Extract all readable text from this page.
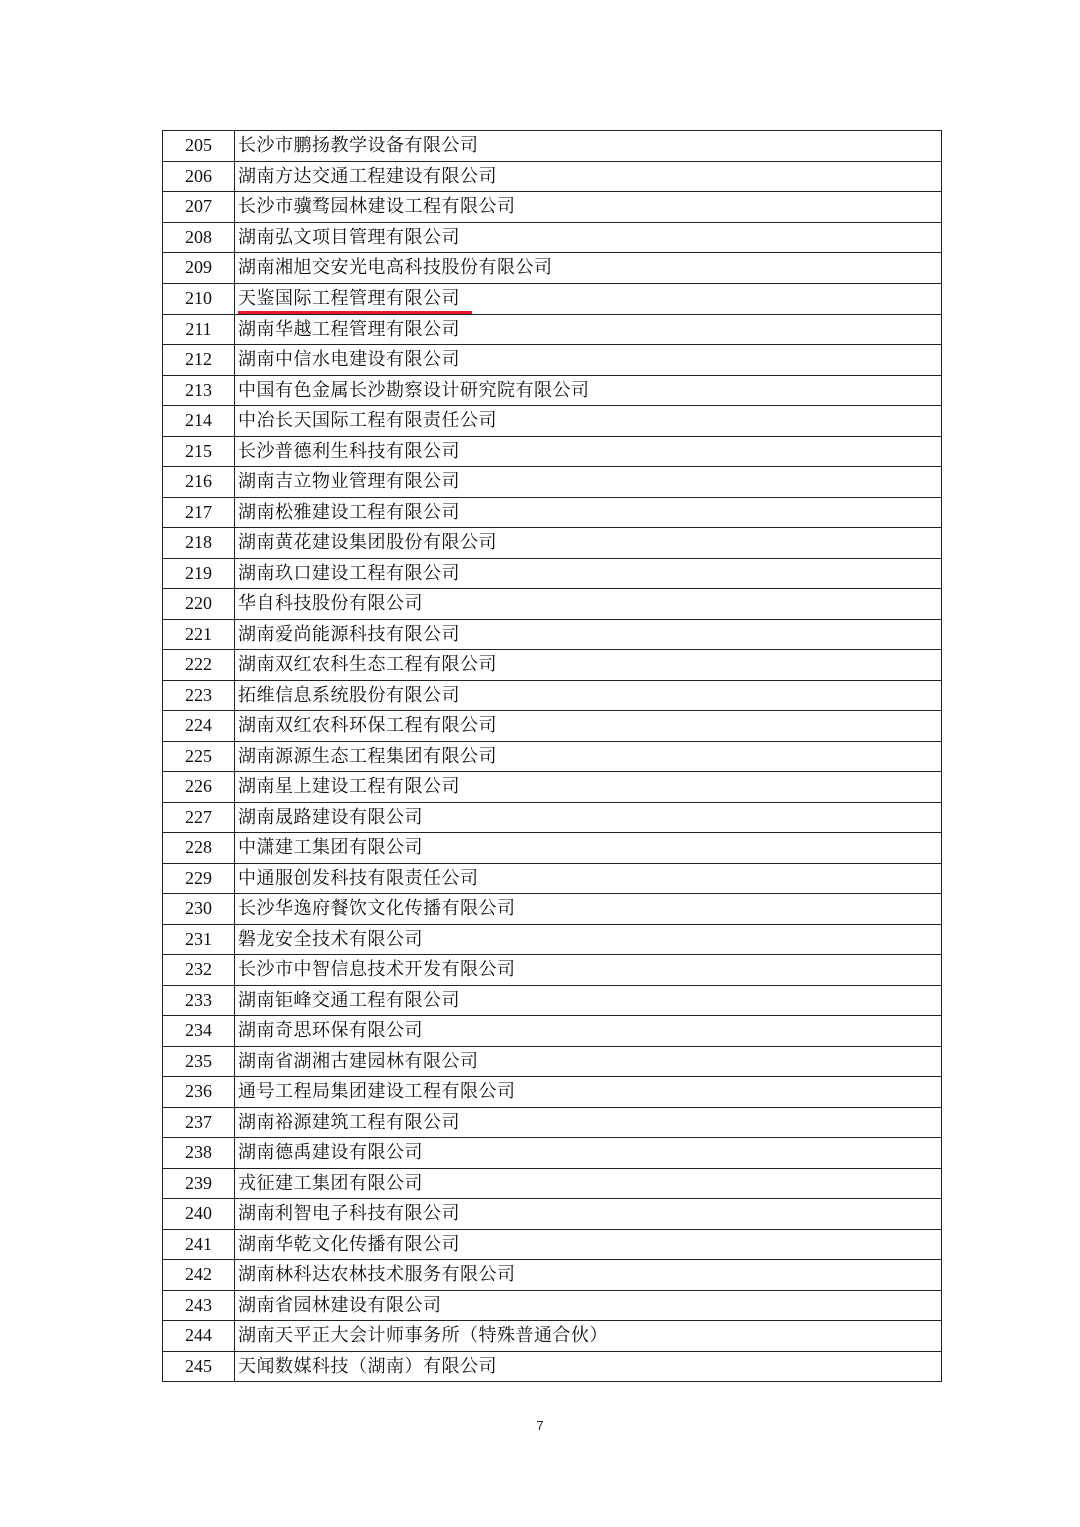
205	长沙市鹏扬教学设备有限公司
206	湖南方达交通工程建设有限公司
207	长沙市骥骛园林建设工程有限公司
208	湖南弘文项目管理有限公司
209	湖南湘旭交安光电高科技股份有限公司
210	天鉴国际工程管理有限公司
211	湖南华越工程管理有限公司
212	湖南中信水电建设有限公司
213	中国有色金属长沙勘察设计研究院有限公司
214	中冶长天国际工程有限责任公司
215	长沙普德利生科技有限公司
216	湖南吉立物业管理有限公司
217	湖南松雅建设工程有限公司
218	湖南黄花建设集团股份有限公司
219	湖南玖口建设工程有限公司
220	华自科技股份有限公司
221	湖南爱尚能源科技有限公司
222	湖南双红农科生态工程有限公司
223	拓维信息系统股份有限公司
224	湖南双红农科环保工程有限公司
225	湖南源源生态工程集团有限公司
226	湖南星上建设工程有限公司
227	湖南晟路建设有限公司
228	中潇建工集团有限公司
229	中通服创发科技有限责任公司
230	长沙华逸府餐饮文化传播有限公司
231	磐龙安全技术有限公司
232	长沙市中智信息技术开发有限公司
233	湖南钜峰交通工程有限公司
234	湖南奇思环保有限公司
235	湖南省湖湘古建园林有限公司
236	通号工程局集团建设工程有限公司
237	湖南裕源建筑工程有限公司
238	湖南德禹建设有限公司
239	戎征建工集团有限公司
240	湖南利智电子科技有限公司
241	湖南华乾文化传播有限公司
242	湖南林科达农林技术服务有限公司
243	湖南省园林建设有限公司
244	湖南天平正大会计师事务所（特殊普通合伙）
245	天闻数媒科技（湖南）有限公司
7
